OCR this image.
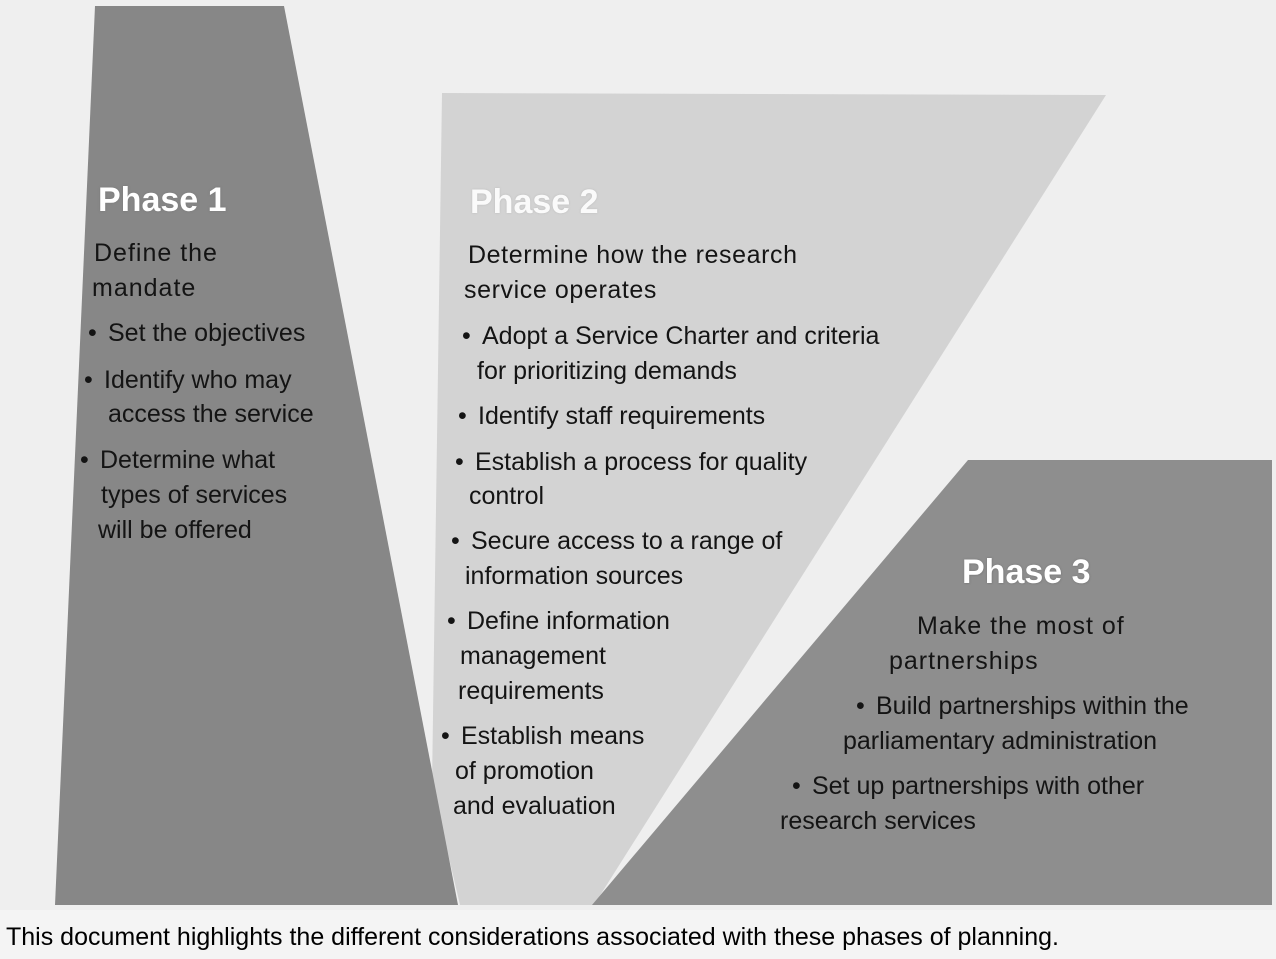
Phase 1
Define the
mandate
• Set the objectives
• Identify who may
access the service
• Determine what
types of services
will be offered
Phase 2
Determine how the research
service operates
• Adopt a Service Charter and criteria
for prioritizing demands
• Identify staff requirements
• Establish a process for quality
control
• Secure access to a range of
information sources
• Define information
management
requirements
• Establish means
of promotion
and evaluation
Phase 3
Make the most of
partnerships
• Build partnerships within the
parliamentary administration
• Set up partnerships with other
research services
This document highlights the different considerations associated with these phases of planning.
